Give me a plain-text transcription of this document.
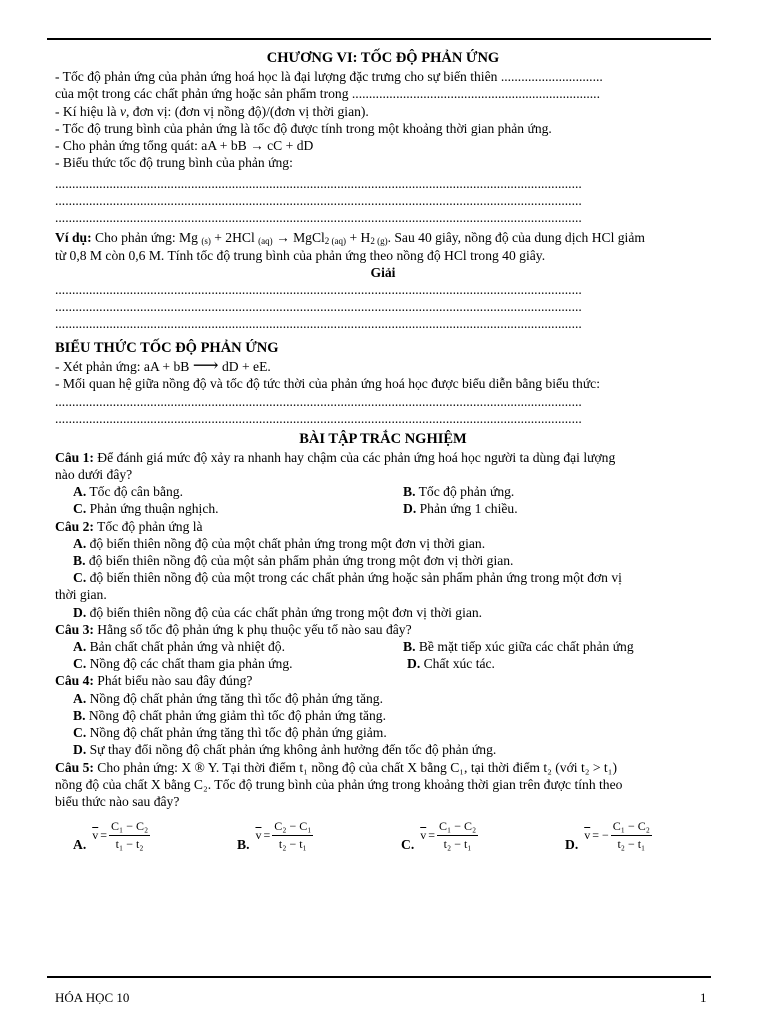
CHƯƠNG VI: TỐC ĐỘ PHẢN ỨNG
- Tốc độ phản ứng của phản ứng hoá học là đại lượng đặc trưng cho sự biến thiên ..............................
của một trong các chất phản ứng hoặc sản phẩm trong .........................................................................
- Kí hiệu là v, đơn vị: (đơn vị nồng độ)/(đơn vị thời gian).
- Tốc độ trung bình của phản ứng là tốc độ được tính trong một khoảng thời gian phản ứng.
- Cho phản ứng tổng quát: aA + bB → cC + dD
- Biểu thức tốc độ trung bình của phản ứng:
...........................................................................................................................................................
...........................................................................................................................................................
...........................................................................................................................................................
Ví dụ: Cho phản ứng: Mg $_{(s)}$ + 2HCl $_{(aq)}$ → MgCl$_2$ $_{(aq)} + H_2$ $_{(g)}$. Sau 40 giây, nồng độ của dung dịch HCl giảm
từ 0,8 M còn 0,6 M. Tính tốc độ trung bình của phản ứng theo nồng độ HCl trong 40 giây.
Giải
...........................................................................................................................................................
...........................................................................................................................................................
...........................................................................................................................................................
BIỂU THỨC TỐC ĐỘ PHẢN ỨNG
- Xét phản ứng: aA + bB ⟶ dD + eE.
- Mối quan hệ giữa nồng độ và tốc độ tức thời của phản ứng hoá học được biểu diễn bằng biểu thức:
...........................................................................................................................................................
...........................................................................................................................................................
BÀI TẬP TRẮC NGHIỆM
Câu 1: Để đánh giá mức độ xảy ra nhanh hay chậm của các phản ứng hoá học người ta dùng đại lượng
nào dưới đây?
A. Tốc độ cân bằng.	B. Tốc độ phản ứng.
C. Phản ứng thuận nghịch.	D. Phản ứng 1 chiều.
Câu 2: Tốc độ phản ứng là
A. độ biến thiên nồng độ của một chất phản ứng trong một đơn vị thời gian.
B. độ biến thiên nồng độ của một sản phẩm phản ứng trong một đơn vị thời gian.
C. độ biến thiên nồng độ của một trong các chất phản ứng hoặc sản phẩm phản ứng trong một đơn vị
thời gian.
D. độ biến thiên nồng độ của các chất phản ứng trong một đơn vị thời gian.
Câu 3: Hằng số tốc độ phản ứng k phụ thuộc yếu tố nào sau đây?
A. Bản chất chất phản ứng và nhiệt độ.	B. Bề mặt tiếp xúc giữa các chất phản ứng
C. Nồng độ các chất tham gia phản ứng.	D. Chất xúc tác.
Câu 4: Phát biểu nào sau đây đúng?
A. Nồng độ chất phản ứng tăng thì tốc độ phản ứng tăng.
B. Nồng độ chất phản ứng giảm thì tốc độ phản ứng tăng.
C. Nồng độ chất phản ứng tăng thì tốc độ phản ứng giảm.
D. Sự thay đổi nồng độ chất phản ứng không ảnh hưởng đến tốc độ phản ứng.
Câu 5: Cho phản ứng: X ® Y. Tại thời điểm t₁ nồng độ của chất X bằng C₁, tại thời điểm t₂ (với t₂ > t₁)
nồng độ của chất X bằng C₂. Tốc độ trung bình của phản ứng trong khoảng thời gian trên được tính theo
biểu thức nào sau đây?
A.
$\overline{v} = \frac{\text{C₁ − C₂}}{\text{t₁ − t₂}}$	B.
$\overline{v} = \frac{\text{C₂ − C₁}}{\text{t₂ − t₁}}$	C.
$\overline{v} = \frac{\text{C₁ − C₂}}{\text{t₂ − t₁}}$	D.
$\overline{v}$ = − $\frac{\text{C₁ − C₂}}{\text{t₂ − t₁}}$
HÓA HỌC 10	1
